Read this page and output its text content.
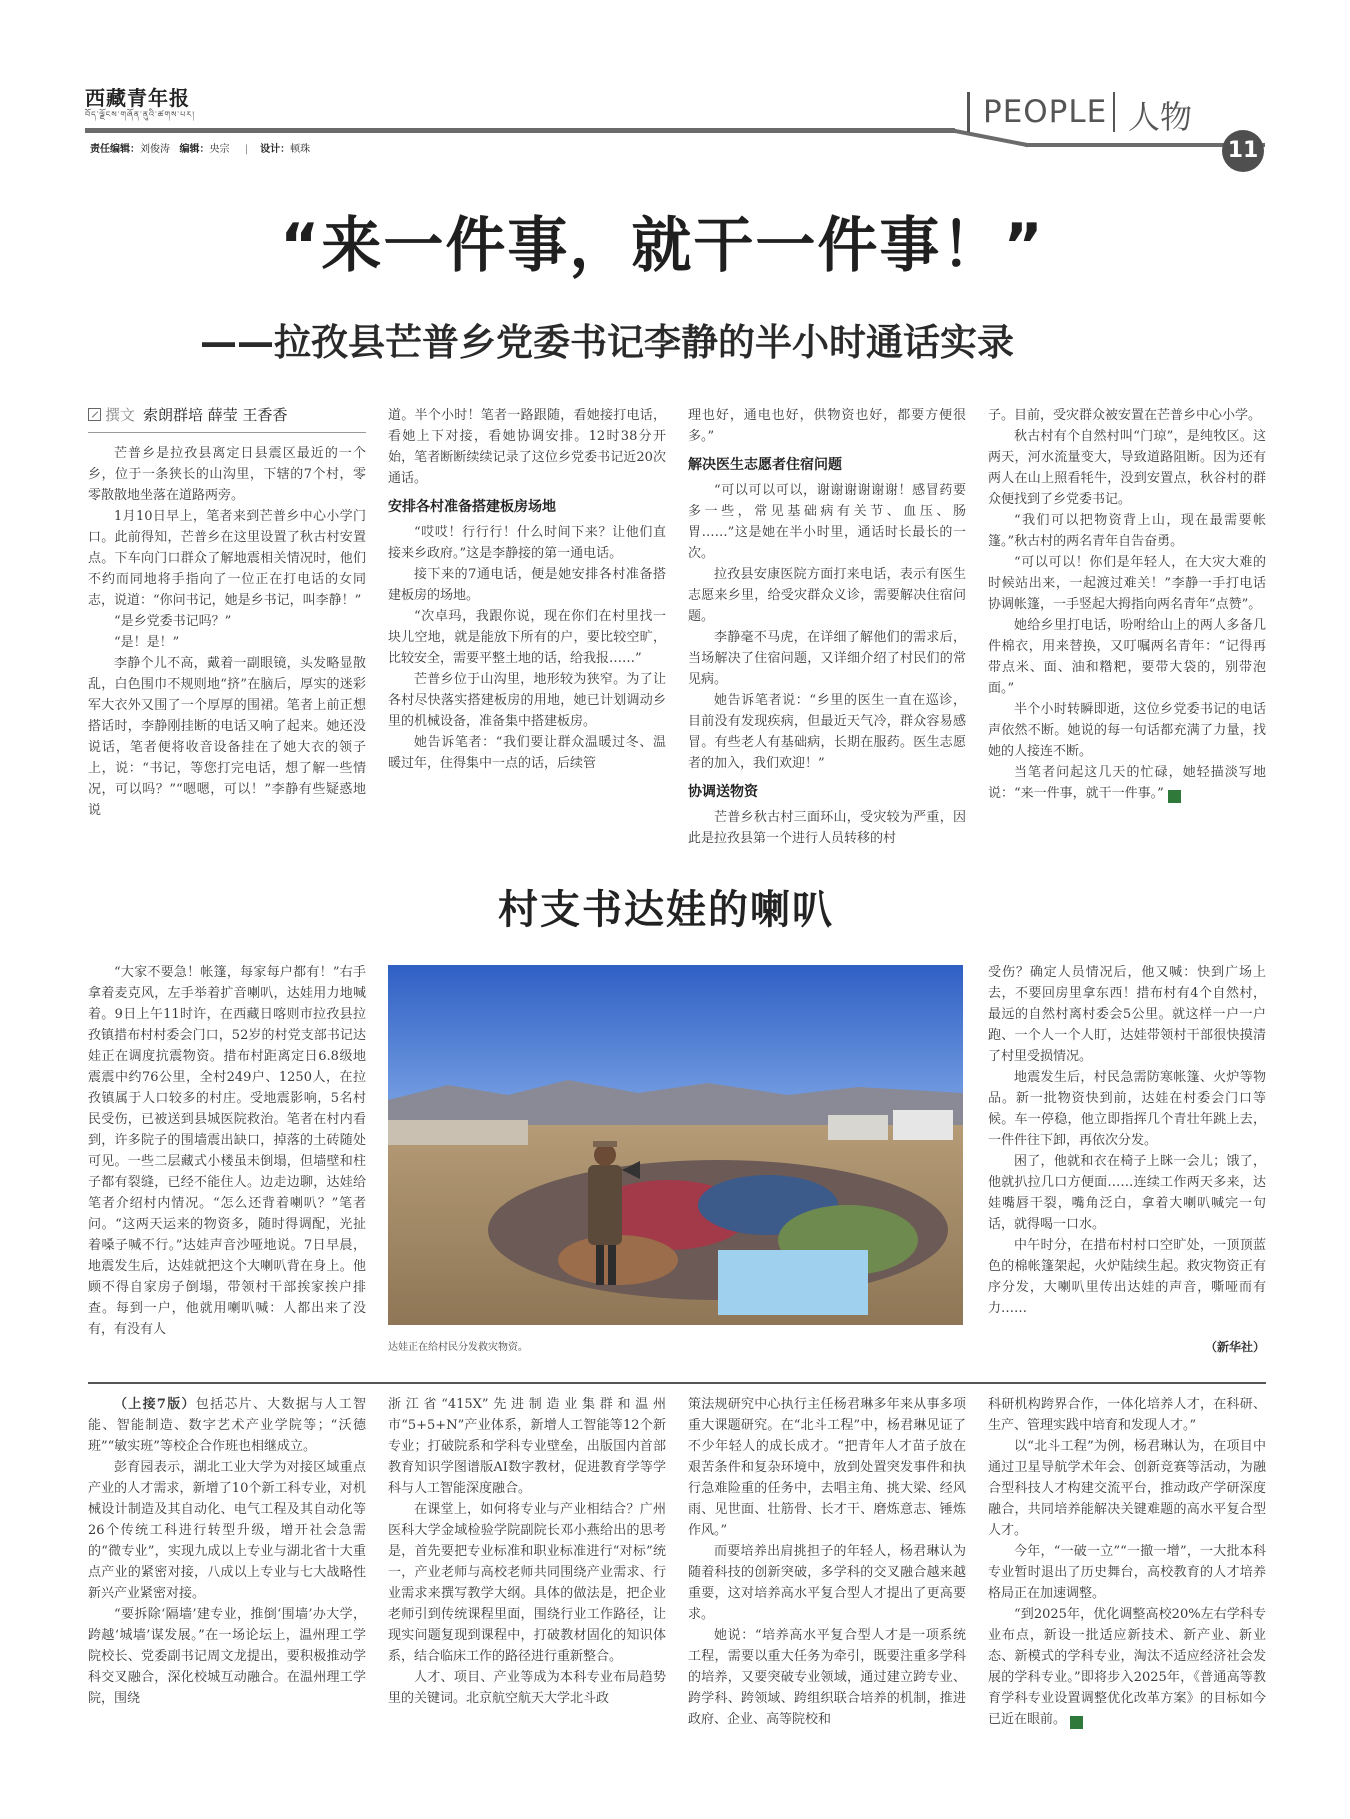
西藏青年报
བོད་ལྗོངས་གཞོན་ནུའི་ཚགས་པར།
责任编辑：刘俊涛 编辑：央宗 | 设计：顿珠
PEOPLE 人物
11
“来一件事，就干一件事！”
——拉孜县芒普乡党委书记李静的半小时通话实录
撰文 索朗群培 薛莹 王香香

芒普乡是拉孜县离定日县震区最近的一个乡，位于一条狭长的山沟里，下辖的7个村，零零散散地坐落在道路两旁。

1月10日早上，笔者来到芒普乡中心小学门口。此前得知，芒普乡在这里设置了秋古村安置点。下车向门口群众了解地震相关情况时，他们不约而同地将手指向了一位正在打电话的女同志，说道：“你问书记，她是乡书记，叫李静！”

“是乡党委书记吗？”

“是！是！”

李静个儿不高，戴着一副眼镜，头发略显散乱，白色围巾不规则地“挤”在脑后，厚实的迷彩军大衣外又围了一个厚厚的围裙。笔者上前正想搭话时，李静刚挂断的电话又响了起来。她还没说话，笔者便将收音设备挂在了她大衣的领子上，说：“书记，等您打完电话，想了解一些情况，可以吗？”“嗯嗯，可以！”李静有些疑惑地说

道。半个小时！笔者一路跟随，看她接打电话，看她上下对接，看她协调安排。12时38分开始，笔者断断续续记录了这位乡党委书记近20次通话。

安排各村准备搭建板房场地

“哎哎！行行行！什么时间下来？让他们直接来乡政府。”这是李静接的第一通电话。

接下来的7通电话，便是她安排各村准备搭建板房的场地。

“次卓玛，我跟你说，现在你们在村里找一块儿空地，就是能放下所有的户，要比较空旷，比较安全，需要平整土地的话，给我报……”

芒普乡位于山沟里，地形较为狭窄。为了让各村尽快落实搭建板房的用地，她已计划调动乡里的机械设备，准备集中搭建板房。

她告诉笔者：“我们要让群众温暖过冬、温暖过年，住得集中一点的话，后续管

理也好，通电也好，供物资也好，都要方便很多。”

解决医生志愿者住宿问题

“可以可以可以，谢谢谢谢谢谢！感冒药要多一些，常见基础病有关节、血压、肠胃……”这是她在半小时里，通话时长最长的一次。

拉孜县安康医院方面打来电话，表示有医生志愿来乡里，给受灾群众义诊，需要解决住宿问题。

李静毫不马虎，在详细了解他们的需求后，当场解决了住宿问题，又详细介绍了村民们的常见病。

她告诉笔者说：“乡里的医生一直在巡诊，目前没有发现疾病，但最近天气冷，群众容易感冒。有些老人有基础病，长期在服药。医生志愿者的加入，我们欢迎！”

协调送物资

芒普乡秋古村三面环山，受灾较为严重，因此是拉孜县第一个进行人员转移的村

子。目前，受灾群众被安置在芒普乡中心小学。

秋古村有个自然村叫“门琼”，是纯牧区。这两天，河水流量变大，导致道路阻断。因为还有两人在山上照看牦牛，没到安置点，秋谷村的群众便找到了乡党委书记。

“我们可以把物资背上山，现在最需要帐篷。”秋古村的两名青年自告奋勇。

“可以可以！你们是年轻人，在大灾大难的时候站出来，一起渡过难关！”李静一手打电话协调帐篷，一手竖起大拇指向两名青年“点赞”。

她给乡里打电话，吩咐给山上的两人多备几件棉衣，用来替换，又叮嘱两名青年：“记得再带点米、面、油和糌粑，要带大袋的，别带泡面。”

半个小时转瞬即逝，这位乡党委书记的电话声依然不断。她说的每一句话都充满了力量，找她的人接连不断。

当笔者问起这几天的忙碌，她轻描淡写地说：“来一件事，就干一件事。”	青

村支书达娃的喇叭

“大家不要急！帐篷，每家每户都有！”右手拿着麦克风，左手举着扩音喇叭，达娃用力地喊着。9日上午11时许，在西藏日喀则市拉孜县拉孜镇措布村村委会门口，52岁的村党支部书记达娃正在调度抗震物资。措布村距离定日6.8级地震震中约76公里，全村249户、1250人，在拉孜镇属于人口较多的村庄。受地震影响，5名村民受伤，已被送到县城医院救治。笔者在村内看到，许多院子的围墙震出缺口，掉落的土砖随处可见。一些二层藏式小楼虽未倒塌，但墙壁和柱子都有裂缝，已经不能住人。边走边聊，达娃给笔者介绍村内情况。“怎么还背着喇叭？”笔者问。“这两天运来的物资多，随时得调配，光扯着嗓子喊不行。”达娃声音沙哑地说。7日早晨，地震发生后，达娃就把这个大喇叭背在身上。他顾不得自家房子倒塌，带领村干部挨家挨户排查。每到一户，他就用喇叭喊：人都出来了没有，有没有人

达娃正在给村民分发救灾物资。

受伤？确定人员情况后，他又喊：快到广场上去，不要回房里拿东西！措布村有4个自然村，最远的自然村离村委会5公里。就这样一户一户跑、一个人一个人盯，达娃带领村干部很快摸清了村里受损情况。

地震发生后，村民急需防寒帐篷、火炉等物品。新一批物资快到前，达娃在村委会门口等候。车一停稳，他立即指挥几个青壮年跳上去，一件件往下卸，再依次分发。

困了，他就和衣在椅子上眯一会儿；饿了，他就扒拉几口方便面……连续工作两天多来，达娃嘴唇干裂，嘴角泛白，拿着大喇叭喊完一句话，就得喝一口水。

中午时分，在措布村村口空旷处，一顶顶蓝色的棉帐篷架起，火炉陆续生起。救灾物资正有序分发，大喇叭里传出达娃的声音，嘶哑而有力……

（新华社）

（上接7版）包括芯片、大数据与人工智能、智能制造、数字艺术产业学院等；“沃德班”“敏实班”等校企合作班也相继成立。

彭育园表示，湖北工业大学为对接区域重点产业的人才需求，新增了10个新工科专业，对机械设计制造及其自动化、电气工程及其自动化等26个传统工科进行转型升级，增开社会急需的“微专业”，实现九成以上专业与湖北省十大重点产业的紧密对接，八成以上专业与七大战略性新兴产业紧密对接。

“要拆除‘隔墙’建专业，推倒‘围墙’办大学，跨越‘城墙’谋发展。”在一场论坛上，温州理工学院校长、党委副书记周文龙提出，要积极推动学科交叉融合，深化校城互动融合。在温州理工学院，围绕

浙江省“415X”先进制造业集群和温州市“5+5+N”产业体系，新增人工智能等12个新专业；打破院系和学科专业壁垒，出版国内首部教育知识学图谱版AI数字教材，促进教育学等学科与人工智能深度融合。

在课堂上，如何将专业与产业相结合？广州医科大学金域检验学院副院长邓小燕给出的思考是，首先要把专业标准和职业标准进行“对标”统一，产业老师与高校老师共同围绕产业需求、行业需求来撰写教学大纲。具体的做法是，把企业老师引到传统课程里面，围绕行业工作路径，让现实问题复现到课程中，打破教材固化的知识体系，结合临床工作的路径进行重新整合。

人才、项目、产业等成为本科专业布局趋势里的关键词。北京航空航天大学北斗政

策法规研究中心执行主任杨君琳多年来从事多项重大课题研究。在“北斗工程”中，杨君琳见证了不少年轻人的成长成才。“把青年人才苗子放在艰苦条件和复杂环境中，放到处置突发事件和执行急难险重的任务中，去唱主角、挑大梁、经风雨、见世面、壮筋骨、长才干、磨炼意志、锤炼作风。”

而要培养出肩挑担子的年轻人，杨君琳认为随着科技的创新突破，多学科的交叉融合越来越重要，这对培养高水平复合型人才提出了更高要求。

她说：“培养高水平复合型人才是一项系统工程，需要以重大任务为牵引，既要注重多学科的培养，又要突破专业领域，通过建立跨专业、跨学科、跨领域、跨组织联合培养的机制，推进政府、企业、高等院校和

科研机构跨界合作，一体化培养人才，在科研、生产、管理实践中培育和发现人才。”

以“北斗工程”为例，杨君琳认为，在项目中通过卫星导航学术年会、创新竞赛等活动，为融合型科技人才构建交流平台，推动政产学研深度融合，共同培养能解决关键难题的高水平复合型人才。

今年，“一破一立”“一撤一增”，一大批本科专业暂时退出了历史舞台，高校教育的人才培养格局正在加速调整。

“到2025年，优化调整高校20%左右学科专业布点，新设一批适应新技术、新产业、新业态、新模式的学科专业，淘汰不适应经济社会发展的学科专业。”即将步入2025年，《普通高等教育学科专业设置调整优化改革方案》的目标如今已近在眼前。	青
